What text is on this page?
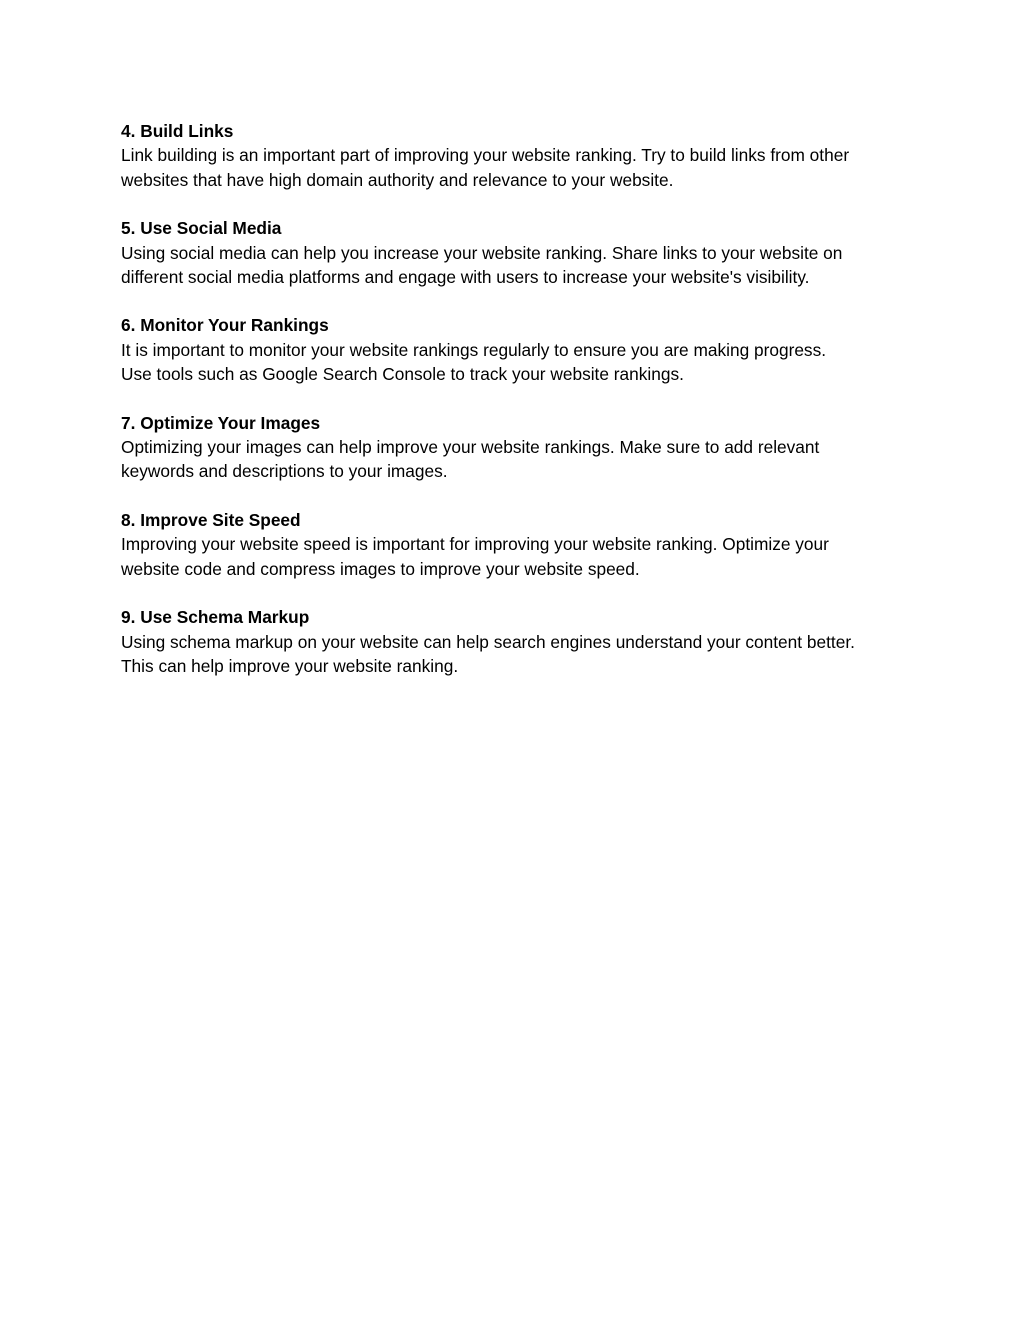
4. Build Links

Link building is an important part of improving your website ranking. Try to build links from other
websites that have high domain authority and relevance to your website.

5. Use Social Media

Using social media can help you increase your website ranking. Share links to your website on
different social media platforms and engage with users to increase your website's visibility.

6. Monitor Your Rankings

It is important to monitor your website rankings regularly to ensure you are making progress.
Use tools such as Google Search Console to track your website rankings.

7. Optimize Your Images

Optimizing your images can help improve your website rankings. Make sure to add relevant
keywords and descriptions to your images.

8. Improve Site Speed

Improving your website speed is important for improving your website ranking. Optimize your
website code and compress images to improve your website speed.

9. Use Schema Markup

Using schema markup on your website can help search engines understand your content better.
This can help improve your website ranking.
